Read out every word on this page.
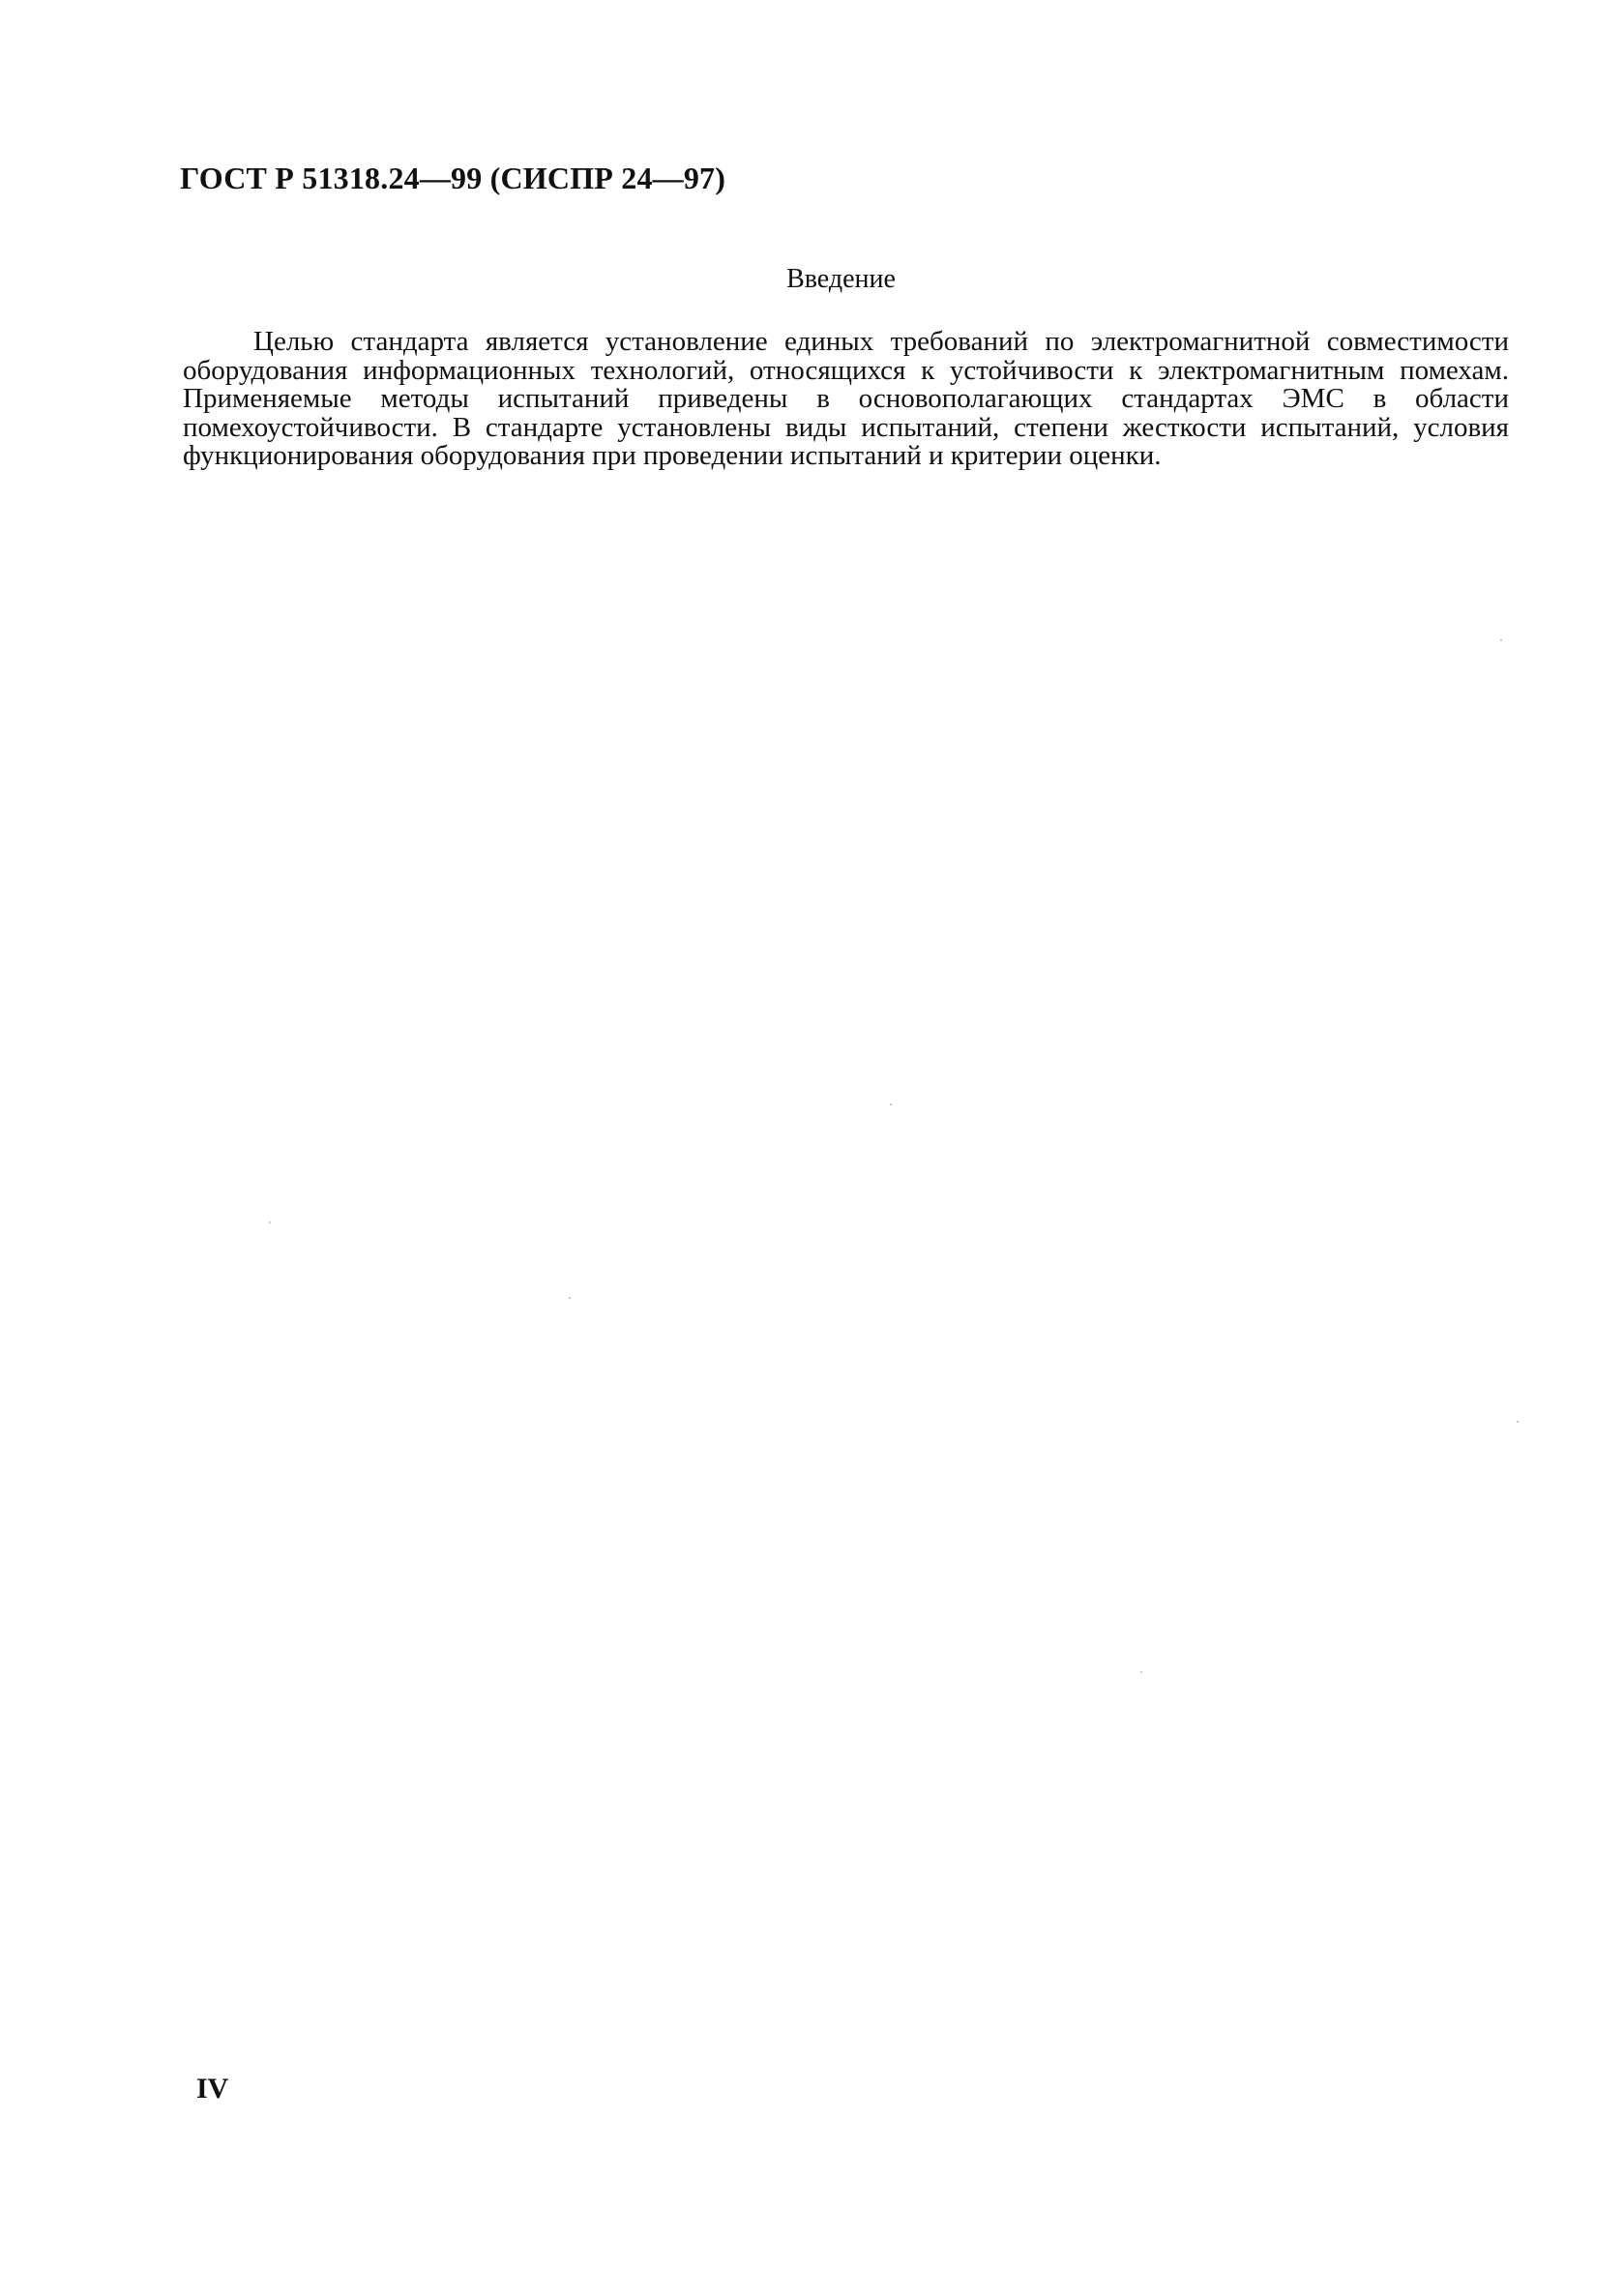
ГОСТ Р 51318.24—99 (СИСПР 24—97)
Введение
Целью стандарта является установление единых требований по электромагнитной совместимости оборудования информационных технологий, относящихся к устойчивости к электромагнитным помехам. Применяемые методы испытаний приведены в основополагающих стандартах ЭМС в области помехоустойчивости. В стандарте установлены виды испытаний, степени жесткости испытаний, условия функционирования оборудования при проведении испытаний и критерии оценки.
IV
